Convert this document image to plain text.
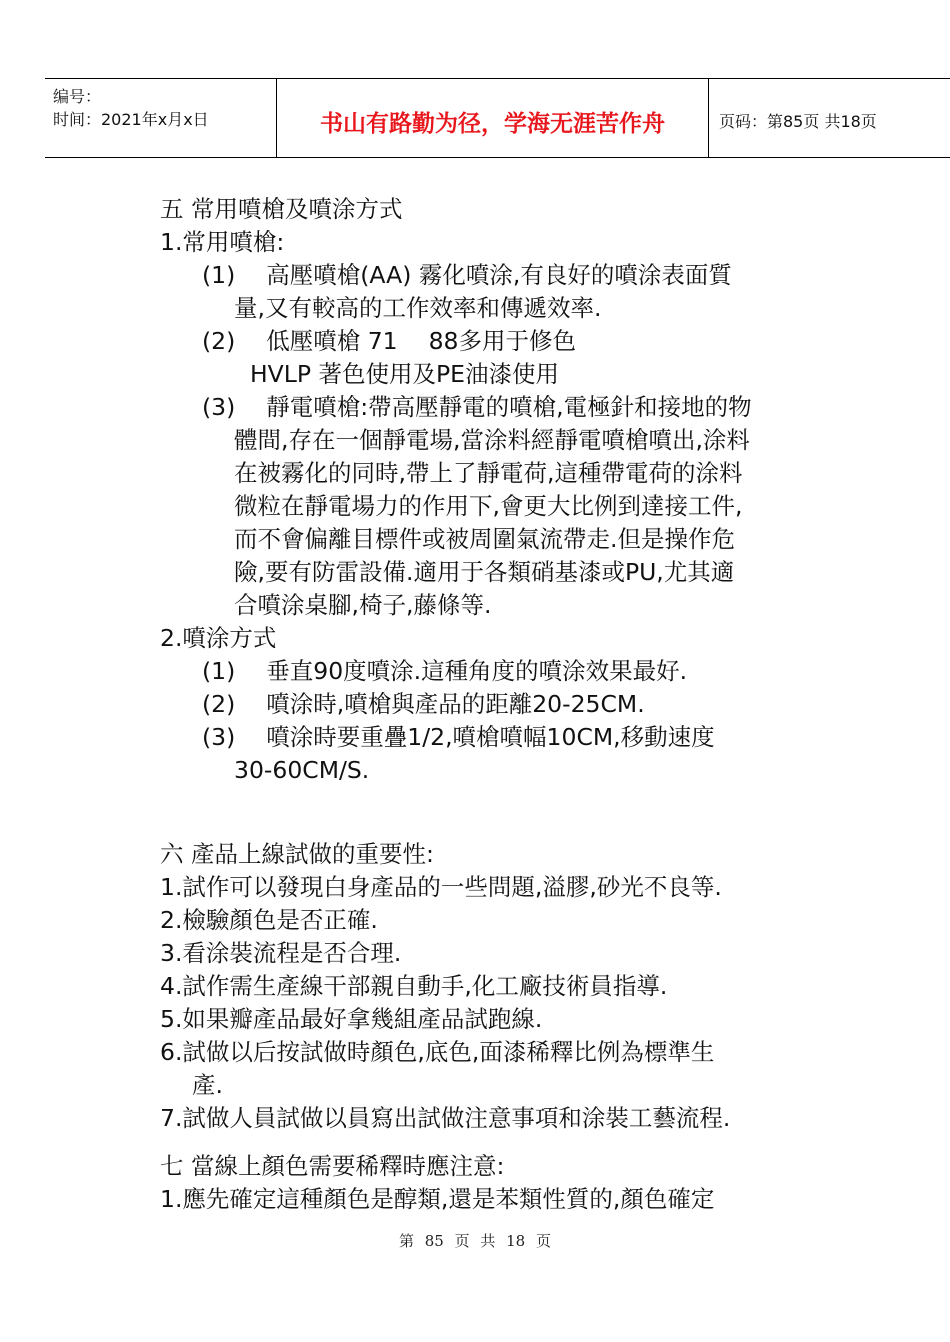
编号：
时间：2021年x月x日	书山有路勤为径，学海无涯苦作舟	页码：第85页 共18页
五 常用噴槍及噴涂方式
1.常用噴槍:
(1)  高壓噴槍(AA) 霧化噴涂,有良好的噴涂表面質
量,又有較高的工作效率和傳遞效率.
(2)  低壓噴槍 71  88多用于修色
HVLP 著色使用及PE油漆使用
(3)  靜電噴槍:帶高壓靜電的噴槍,電極針和接地的物
體間,存在一個靜電場,當涂料經靜電噴槍噴出,涂料
在被霧化的同時,帶上了靜電荷,這種帶電荷的涂料
微粒在靜電場力的作用下,會更大比例到達接工件,
而不會偏離目標件或被周圍氣流帶走.但是操作危
險,要有防雷設備.適用于各類硝基漆或PU,尤其適
合噴涂桌腳,椅子,藤條等.
2.噴涂方式
(1)  垂直90度噴涂.這種角度的噴涂效果最好.
(2)  噴涂時,噴槍與產品的距離20-25CM.
(3)  噴涂時要重疊1/2,噴槍噴幅10CM,移動速度
30-60CM/S.
六 產品上線試做的重要性:
1.試作可以發現白身產品的一些問題,溢膠,砂光不良等.
2.檢驗顏色是否正確.
3.看涂裝流程是否合理.
4.試作需生產線干部親自動手,化工廠技術員指導.
5.如果瓣產品最好拿幾組產品試跑線.
6.試做以后按試做時顏色,底色,面漆稀釋比例為標準生
產.
7.試做人員試做以員寫出試做注意事項和涂裝工藝流程.
七 當線上顏色需要稀釋時應注意:
1.應先確定這種顏色是醇類,還是苯類性質的,顏色確定
第 85 页 共 18 页
